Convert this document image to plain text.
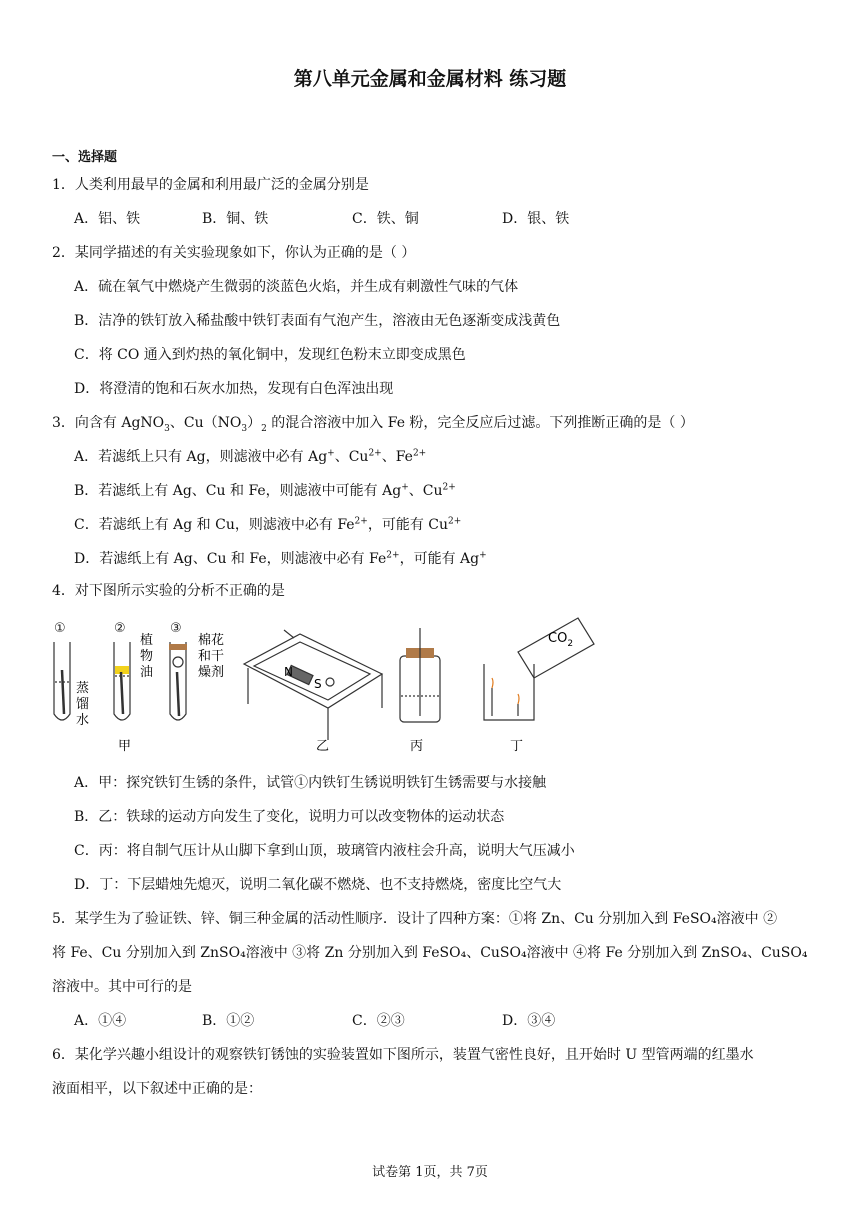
第八单元金属和金属材料 练习题
一、选择题
1．人类利用最早的金属和利用最广泛的金属分别是
A．铝、铁	B．铜、铁	C．铁、铜	D．银、铁
2．某同学描述的有关实验现象如下，你认为正确的是（ ）
A．硫在氧气中燃烧产生微弱的淡蓝色火焰，并生成有刺激性气味的气体
B．洁净的铁钉放入稀盐酸中铁钉表面有气泡产生，溶液由无色逐渐变成浅黄色
C．将 CO 通入到灼热的氧化铜中，发现红色粉末立即变成黑色
D．将澄清的饱和石灰水加热，发现有白色浑浊出现
3．向含有 AgNO$_3$、$Cu(NO_3)_2$ 的混合溶液中加入 Fe 粉，完全反应后过滤。下列推断正确的是（ ）
A．若滤纸上只有 Ag，则滤液中必有 Ag+、$Cu^{2+}$、$Fe^{2+}$
B．若滤纸上有 Ag、Cu 和 Fe，则滤液中可能有 Ag+、$Cu^{2+}$
C．若滤纸上有 Ag 和 Cu，则滤液中必有 $Fe^{2+}$，可能有 $Cu^{2+}$
D．若滤纸上有 Ag、Cu 和 Fe，则滤液中必有 $Fe^{2+}$，可能有 Ag+
4．对下图所示实验的分析不正确的是
①	②	③
蒸馏水
植物油
棉花和干燥剂
甲
N
S
乙	丙
$CO_2$
丁
A．甲：探究铁钉生锈的条件，试管①内铁钉生锈说明铁钉生锈需要与水接触
B．乙：铁球的运动方向发生了变化，说明力可以改变物体的运动状态
C．丙：将自制气压计从山脚下拿到山顶，玻璃管内液柱会升高，说明大气压减小
D．丁：下层蜡烛先熄灭，说明二氧化碳不燃烧、也不支持燃烧，密度比空气大
5．某学生为了验证铁、锌、铜三种金属的活动性顺序．设计了四种方案：①将 Zn、Cu 分别加入到 FeSO₄溶液中 ②
将 Fe、Cu 分别加入到 ZnSO₄溶液中 ③将 Zn 分别加入到 FeSO₄、CuSO₄溶液中 ④将 Fe 分别加入到 ZnSO₄、CuSO₄
溶液中。其中可行的是
A．①④	B．①②	C．②③	D．③④
6．某化学兴趣小组设计的观察铁钉锈蚀的实验装置如下图所示，装置气密性良好，且开始时 U 型管两端的红墨水
液面相平，以下叙述中正确的是：
试卷第 1页，共 7页
